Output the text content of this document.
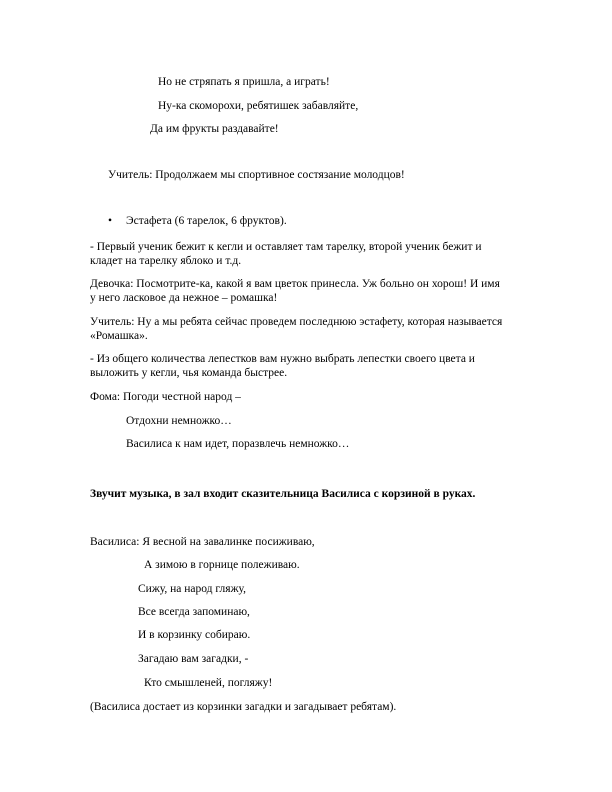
Но не стряпать я пришла, а играть!
Ну-ка скоморохи, ребятишек забавляйте,
Да им фрукты раздавайте!
Учитель: Продолжаем мы спортивное состязание молодцов!
• Эстафета (6 тарелок, 6 фруктов).
- Первый ученик бежит к кегли и оставляет там тарелку, второй ученик бежит и
кладет на тарелку яблоко и т.д.
Девочка: Посмотрите-ка, какой я вам цветок принесла. Уж больно он хорош! И имя
у него ласковое да нежное – ромашка!
Учитель: Ну а мы ребята сейчас проведем последнюю эстафету, которая называется
«Ромашка».
- Из общего количества лепестков вам нужно выбрать лепестки своего цвета и
выложить у кегли, чья команда быстрее.
Фома: Погоди честной народ –
Отдохни немножко…
Василиса к нам идет, поразвлечь немножко…
Звучит музыка, в зал входит сказительница Василиса с корзиной в руках.
Василиса: Я весной на завалинке посиживаю,
А зимою в горнице полеживаю.
Сижу, на народ гляжу,
Все всегда запоминаю,
И в корзинку собираю.
Загадаю вам загадки, -
Кто смышленей, погляжу!
(Василиса достает из корзинки загадки и загадывает ребятам).
